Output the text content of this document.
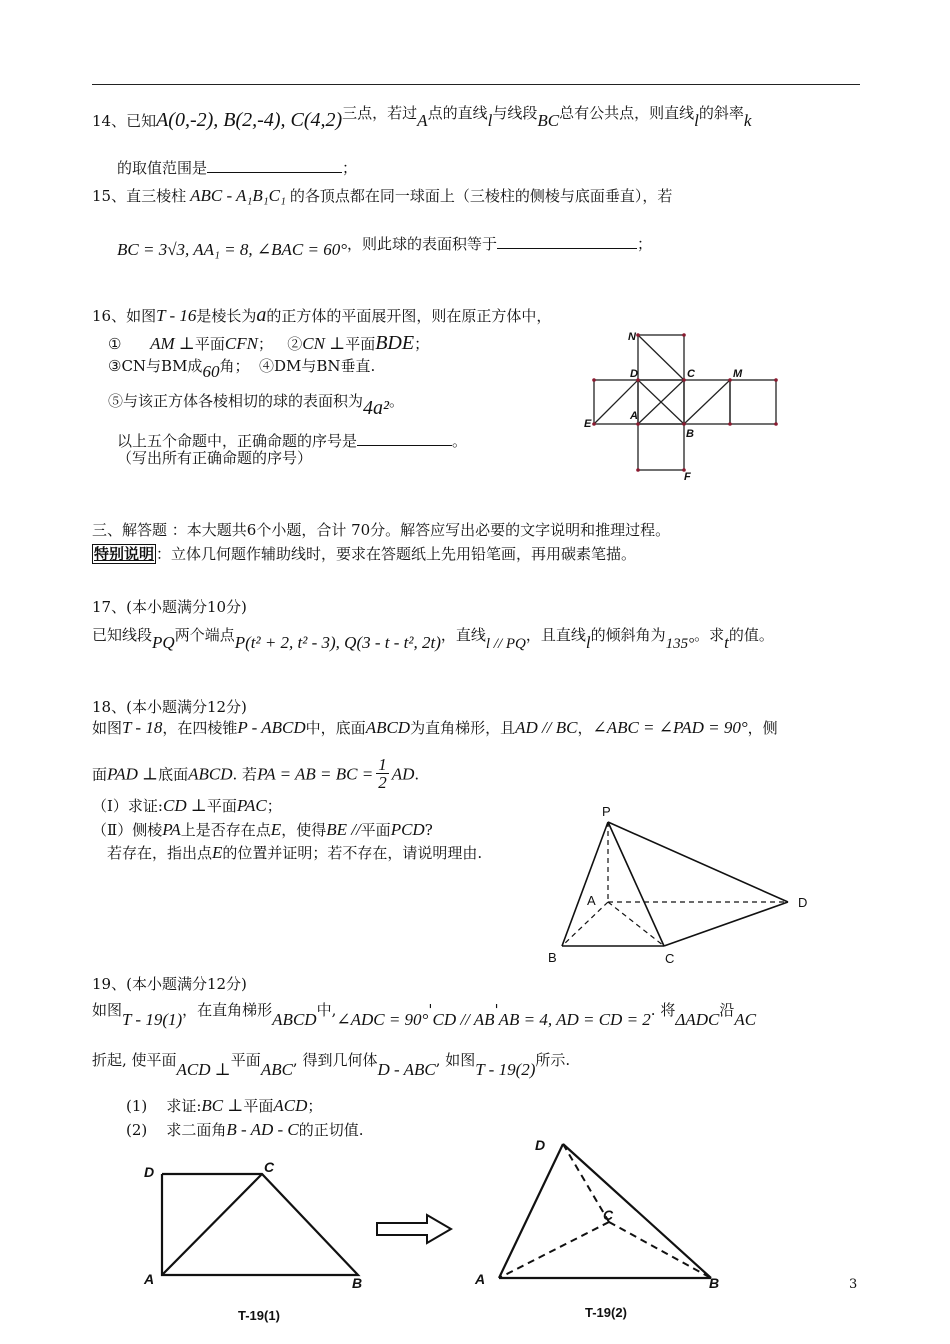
14、已知A(0,-2), B(2,-4), C(4,2)三点，若过A点的直线l与线段BC总有公共点，则直线l的斜率k
的取值范围是	；
15、直三棱柱 ABC - A₁B₁C₁ 的各顶点都在同一球面上（三棱柱的侧棱与底面垂直），若
BC = 3√3, AA₁ = 8, ∠BAC = 60°，则此球的表面积等于	；
16、如图T - 16是棱长为a的正方体的平面展开图，则在原正方体中，
① AM ⊥平面CFN； ②CN ⊥平面BDE；
③CN与BM成60角； ④DM与BN垂直.
⑤与该正方体各棱相切的球的表面积为4a²。
以上五个命题中，正确命题的序号是	。
（写出所有正确命题的序号）
N
D	C	M
E
A
B
F
三、解答题 ：本大题共6个小题，合计 70分。解答应写出必要的文字说明和推理过程。
特别说明 ：立体几何题作辅助线时，要求在答题纸上先用铅笔画，再用碳素笔描。
17、(本小题满分10分)
已知线段PQ两个端点P(t² + 2, t² - 3), Q(3 - t - t², 2t)，直线l // PQ，且直线l的倾斜角为135°。求t的值。
18、(本小题满分12分)
如图T - 18，在四棱锥P - ABCD中，底面ABCD为直角梯形，且AD // BC，∠ABC = ∠PAD = 90°，侧
面PAD ⊥底面ABCD. 若PA = AB = BC = $\frac{1}{2}$ AD.
（Ⅰ）求证:CD ⊥平面PAC；
（Ⅱ）侧棱PA上是否存在点E，使得BE //平面PCD?
若存在，指出点E的位置并证明；若不存在，请说明理由.
P
A
B	C
D
19、(本小题满分12分)
如图T - 19(1)，在直角梯形ABCD中,∠ADC = 90°'CD // AB'AB = 4, AD = CD = 2. 将ΔADC沿AC
折起, 使平面ACD ⊥平面ABC, 得到几何体D - ABC, 如图T - 19(2)所示.
(1) 求证:BC ⊥平面ACD；
(2) 求二面角B - AD - C的正切值.
D	C
A	B
T-19(1)
D
C
A	B
T-19(2)
3
